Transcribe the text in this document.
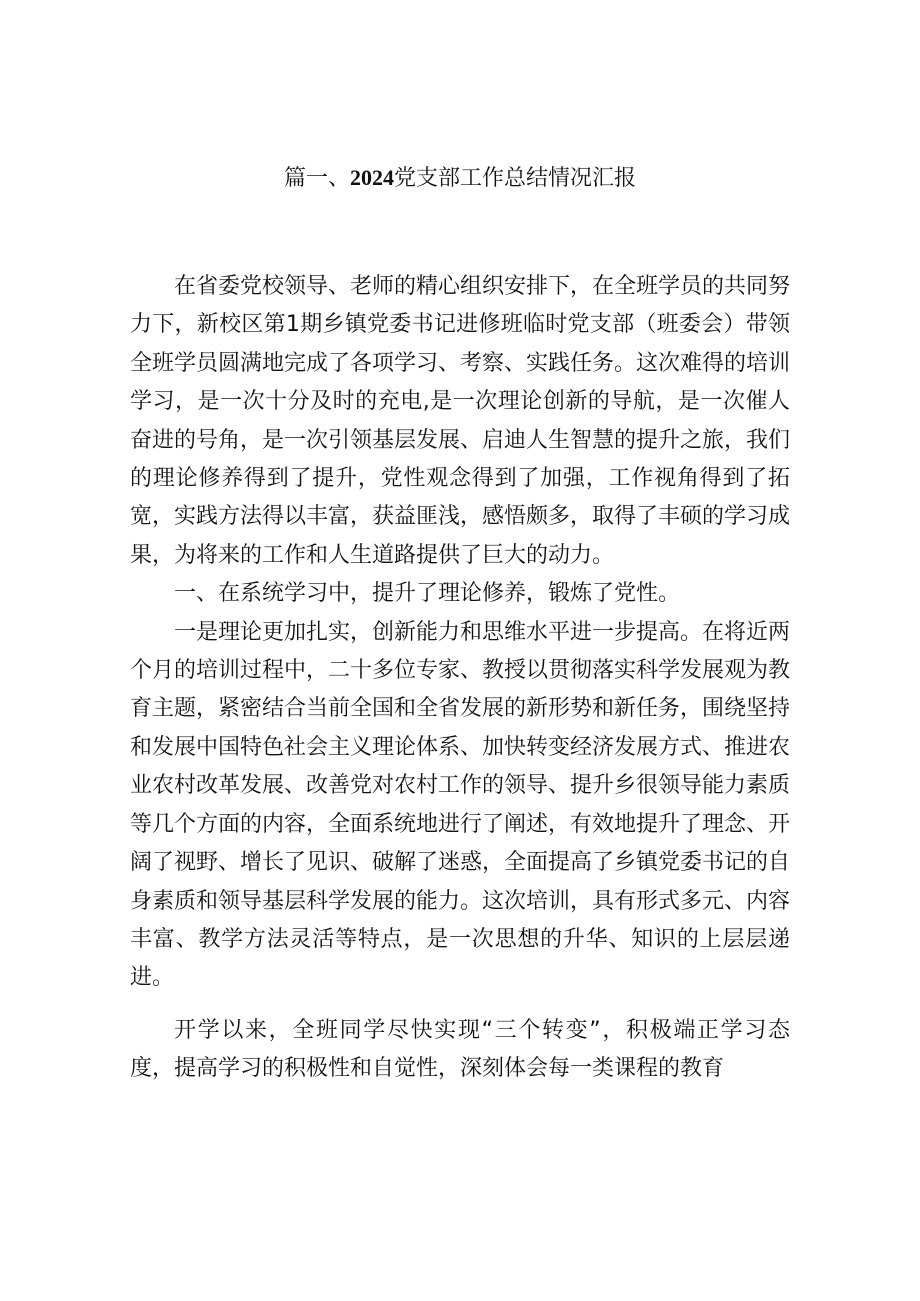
篇一、2024党支部工作总结情况汇报

在省委党校领导、老师的精心组织安排下，在全班学员的共同努力下，新校区第1期乡镇党委书记进修班临时党支部（班委会）带领全班学员圆满地完成了各项学习、考察、实践任务。这次难得的培训学习，是一次十分及时的充电,是一次理论创新的导航，是一次催人奋进的号角，是一次引领基层发展、启迪人生智慧的提升之旅，我们的理论修养得到了提升，党性观念得到了加强，工作视角得到了拓宽，实践方法得以丰富，获益匪浅，感悟颇多，取得了丰硕的学习成果，为将来的工作和人生道路提供了巨大的动力。

一、在系统学习中，提升了理论修养，锻炼了党性。

一是理论更加扎实，创新能力和思维水平进一步提高。在将近两个月的培训过程中，二十多位专家、教授以贯彻落实科学发展观为教育主题，紧密结合当前全国和全省发展的新形势和新任务，围绕坚持和发展中国特色社会主义理论体系、加快转变经济发展方式、推进农业农村改革发展、改善党对农村工作的领导、提升乡很领导能力素质等几个方面的内容，全面系统地进行了阐述，有效地提升了理念、开阔了视野、增长了见识、破解了迷惑，全面提高了乡镇党委书记的自身素质和领导基层科学发展的能力。这次培训，具有形式多元、内容丰富、教学方法灵活等特点，是一次思想的升华、知识的上层层递进。

开学以来，全班同学尽快实现“三个转变”，积极端正学习态度，提高学习的积极性和自觉性，深刻体会每一类课程的教育
